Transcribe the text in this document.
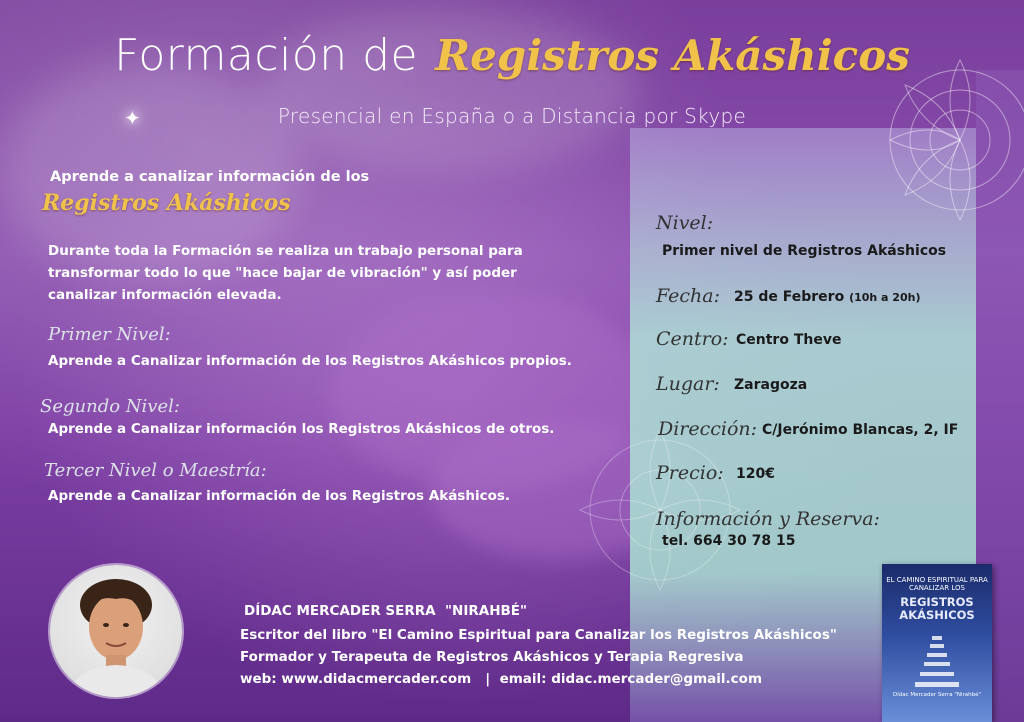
✦
Formación de Registros Akáshicos
Presencial en España o a Distancia por Skype
Aprende a canalizar información de los
Registros Akáshicos
Durante toda la Formación se realiza un trabajo personal para
transformar todo lo que "hace bajar de vibración" y así poder
canalizar información elevada.
Primer Nivel:
Aprende a Canalizar información de los Registros Akáshicos propios.
Segundo Nivel:
Aprende a Canalizar información los Registros Akáshicos de otros.
Tercer Nivel o Maestría:
Aprende a Canalizar información de los Registros Akáshicos.
Nivel:
Primer nivel de Registros Akáshicos
Fecha: 25 de Febrero (10h a 20h)
Centro: Centro Theve
Lugar: Zaragoza
Dirección: C/Jerónimo Blancas, 2, IF
Precio: 120€
Información y Reserva:
tel. 664 30 78 15
DÍDAC MERCADER SERRA  "NIRAHBÉ"
Escritor del libro "El Camino Espiritual para Canalizar los Registros Akáshicos"
Formador y Terapeuta de Registros Akáshicos y Terapia Regresiva
web: www.didacmercader.com   |  email: didac.mercader@gmail.com
EL CAMINO ESPIRITUAL PARA CANALIZAR LOS
REGISTROS
AKÁSHICOS
Dídac Mercader Serra "Nirahbé"
